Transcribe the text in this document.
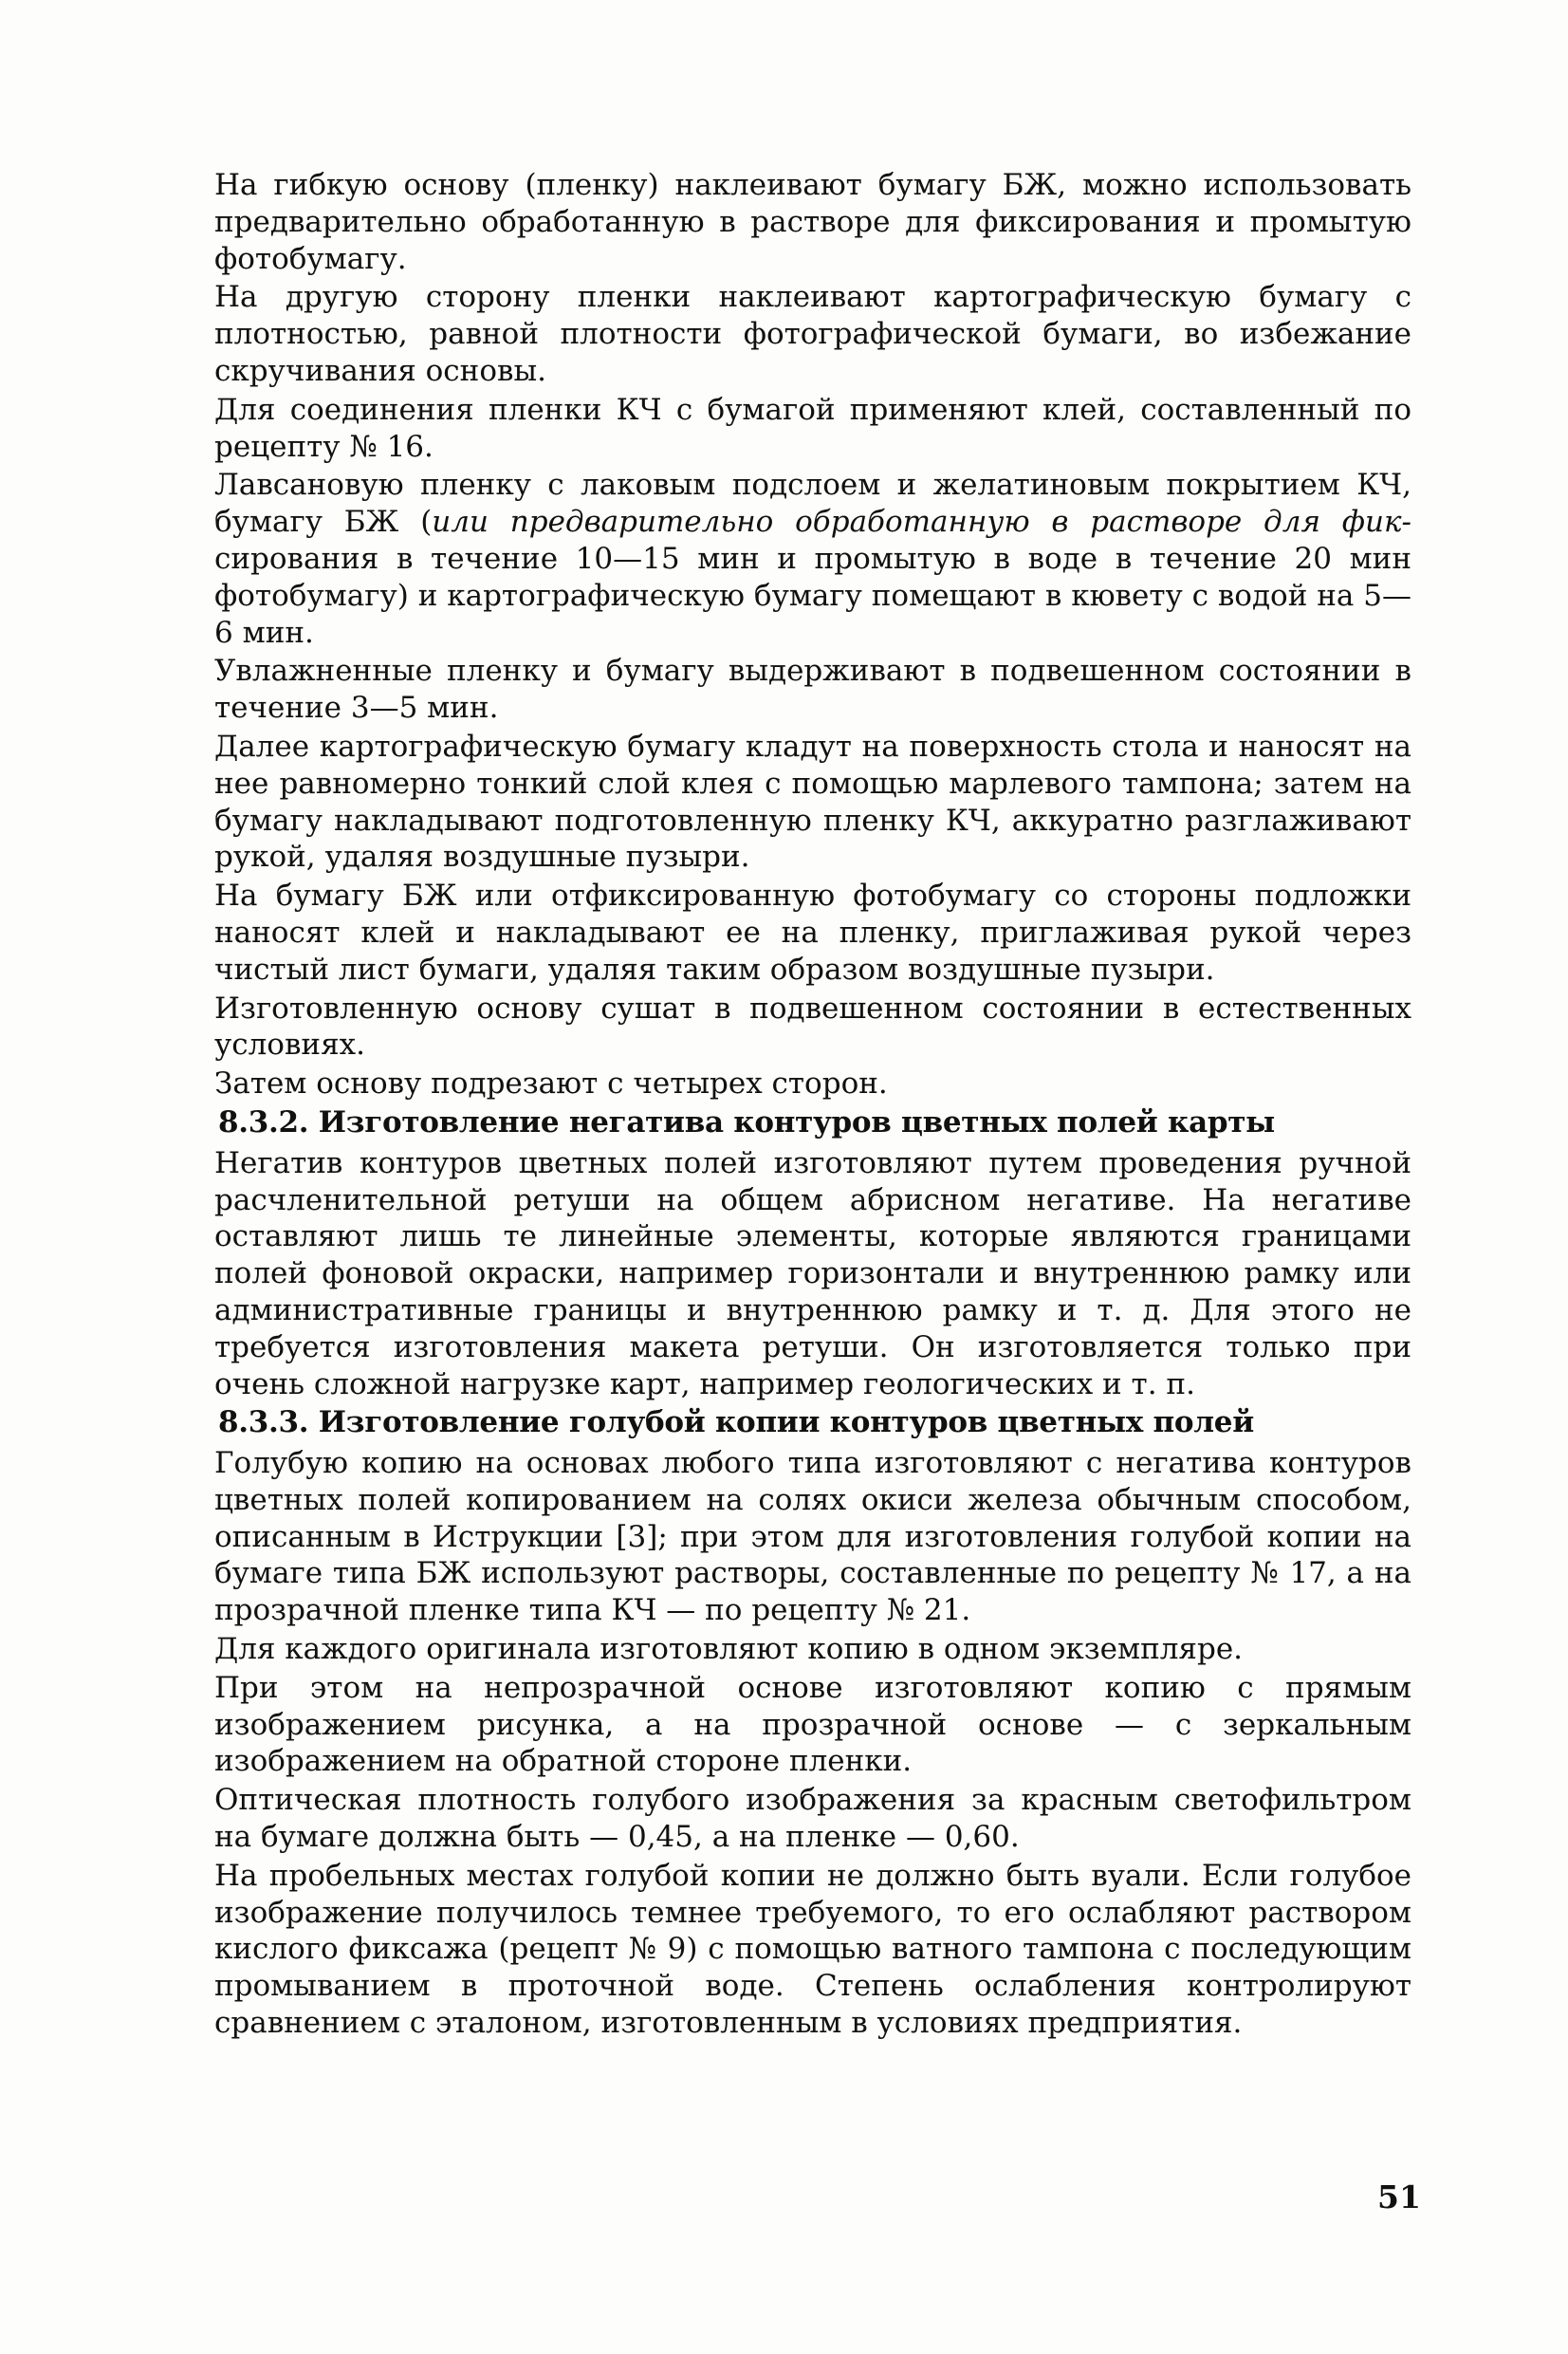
На гибкую основу (пленку) наклеивают бумагу БЖ, можно использовать предварительно обработанную в растворе для фиксирования и промытую фотобумагу.

На другую сторону пленки наклеивают картографическую бумагу с плотностью, равной плотности фотографической бумаги, во избежание скручивания основы.

Для соединения пленки КЧ с бумагой применяют клей, составленный по рецепту № 16.

Лавсановую пленку с лаковым подслоем и желатиновым покрытием КЧ, бумагу БЖ (или предварительно обработанную в растворе для фик-сирования в течение 10—15 мин и промытую в воде в течение 20 мин фотобумагу) и картографическую бумагу помещают в кювету с водой на 5—6 мин.

Увлажненные пленку и бумагу выдерживают в подвешенном состоянии в течение 3—5 мин.

Далее картографическую бумагу кладут на поверхность стола и наносят на нее равномерно тонкий слой клея с помощью марлевого тампона; затем на бумагу накладывают подготовленную пленку КЧ, аккуратно разглаживают рукой, удаляя воздушные пузыри.

На бумагу БЖ или отфиксированную фотобумагу со стороны подложки наносят клей и накладывают ее на пленку, приглаживая рукой через чистый лист бумаги, удаляя таким образом воздушные пузыри.

Изготовленную основу сушат в подвешенном состоянии в естественных условиях.

Затем основу подрезают с четырех сторон.

8.3.2. Изготовление негатива контуров цветных полей карты

Негатив контуров цветных полей изготовляют путем проведения ручной расчленительной ретуши на общем абрисном негативе. На негативе оставляют лишь те линейные элементы, которые являются границами полей фоновой окраски, например горизонтали и внутреннюю рамку или административные границы и внутреннюю рамку и т. д. Для этого не требуется изготовления макета ретуши. Он изготовляется только при очень сложной нагрузке карт, например геологических и т. п.

8.3.3. Изготовление голубой копии контуров цветных полей

Голубую копию на основах любого типа изготовляют с негатива контуров цветных полей копированием на солях окиси железа обычным способом, описанным в Иструкции [3]; при этом для изготовления голубой копии на бумаге типа БЖ используют растворы, составленные по рецепту № 17, а на прозрачной пленке типа КЧ — по рецепту № 21.

Для каждого оригинала изготовляют копию в одном экземпляре.

При этом на непрозрачной основе изготовляют копию с прямым изображением рисунка, а на прозрачной основе — с зеркальным изображением на обратной стороне пленки.

Оптическая плотность голубого изображения за красным светофильтром на бумаге должна быть — 0,45, а на пленке — 0,60.

На пробельных местах голубой копии не должно быть вуали. Если голубое изображение получилось темнее требуемого, то его ослабляют раствором кислого фиксажа (рецепт № 9) с помощью ватного тампона с последующим промыванием в проточной воде. Степень ослабления контролируют сравнением с эталоном, изготовленным в условиях предприятия.

51
